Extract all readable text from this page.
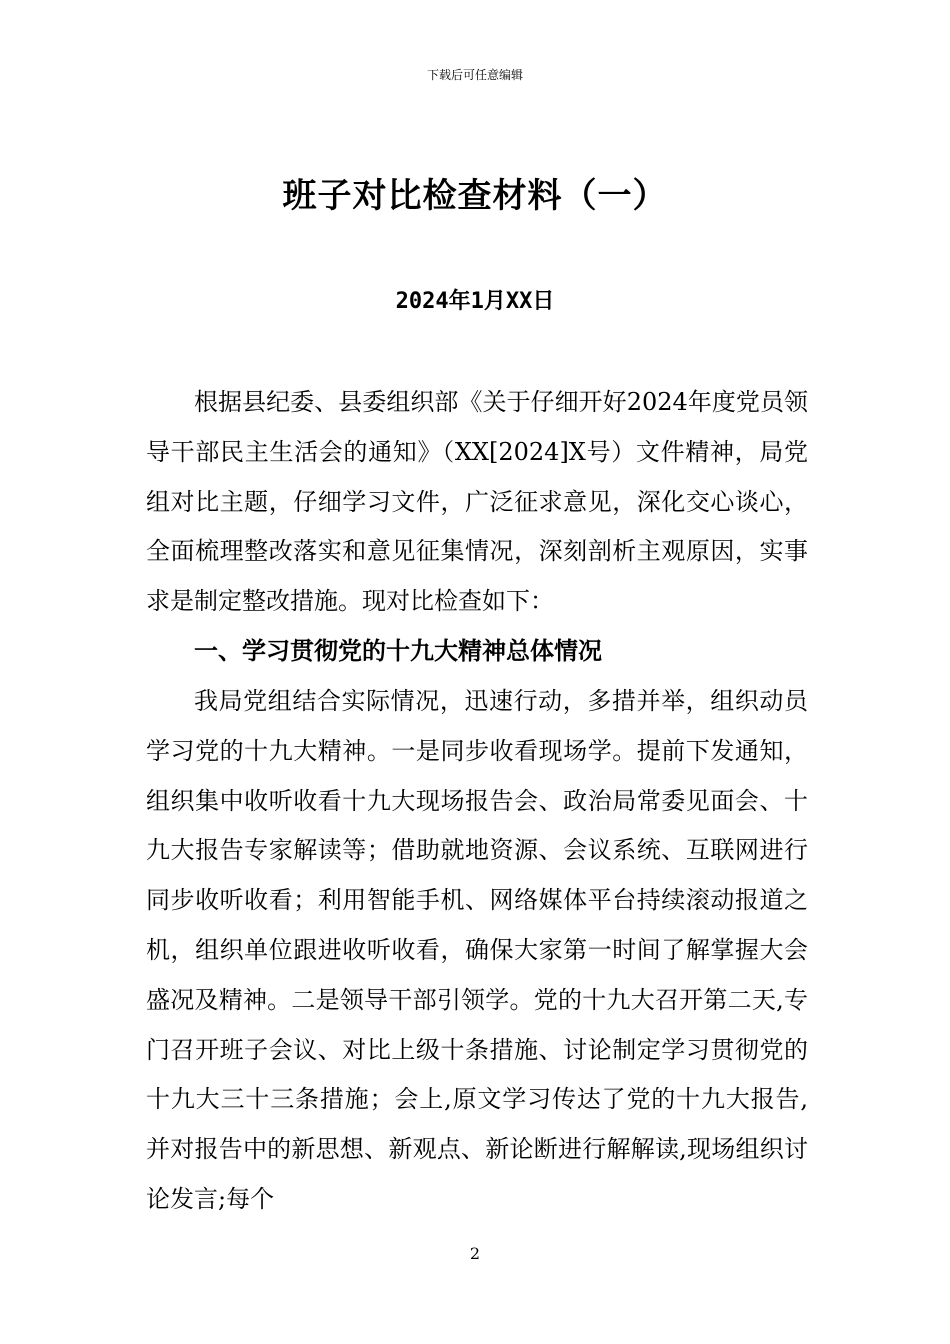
下载后可任意编辑
班子对比检查材料（一）
2024年1月XX日

根据县纪委、县委组织部《关于仔细开好2024年度党员领导干部民主生活会的通知》（XX[2024]X号）文件精神，局党组对比主题，仔细学习文件，广泛征求意见，深化交心谈心，全面梳理整改落实和意见征集情况，深刻剖析主观原因，实事求是制定整改措施。现对比检查如下：

一、学习贯彻党的十九大精神总体情况

我局党组结合实际情况，迅速行动，多措并举，组织动员学习党的十九大精神。一是同步收看现场学。提前下发通知，组织集中收听收看十九大现场报告会、政治局常委见面会、十九大报告专家解读等；借助就地资源、会议系统、互联网进行同步收听收看；利用智能手机、网络媒体平台持续滚动报道之机，组织单位跟进收听收看，确保大家第一时间了解掌握大会盛况及精神。二是领导干部引领学。党的十九大召开第二天,专门召开班子会议、对比上级十条措施、讨论制定学习贯彻党的十九大三十三条措施；会上,原文学习传达了党的十九大报告,并对报告中的新思想、新观点、新论断进行解解读,现场组织讨论发言;每个

2
